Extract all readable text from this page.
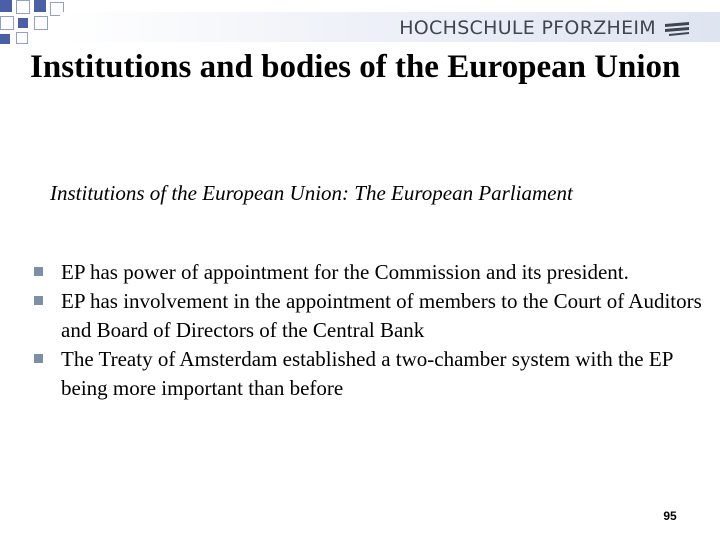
HOCHSCHULE PFORZHEIM
Institutions and bodies of the European Union
Institutions of the European Union: The European Parliament
EP has power of appointment for the Commission and its president.
EP has involvement in the appointment of members to the Court of Auditors and Board of Directors of the Central Bank
The Treaty of Amsterdam established a two-chamber system with the EP being more important than before
95
